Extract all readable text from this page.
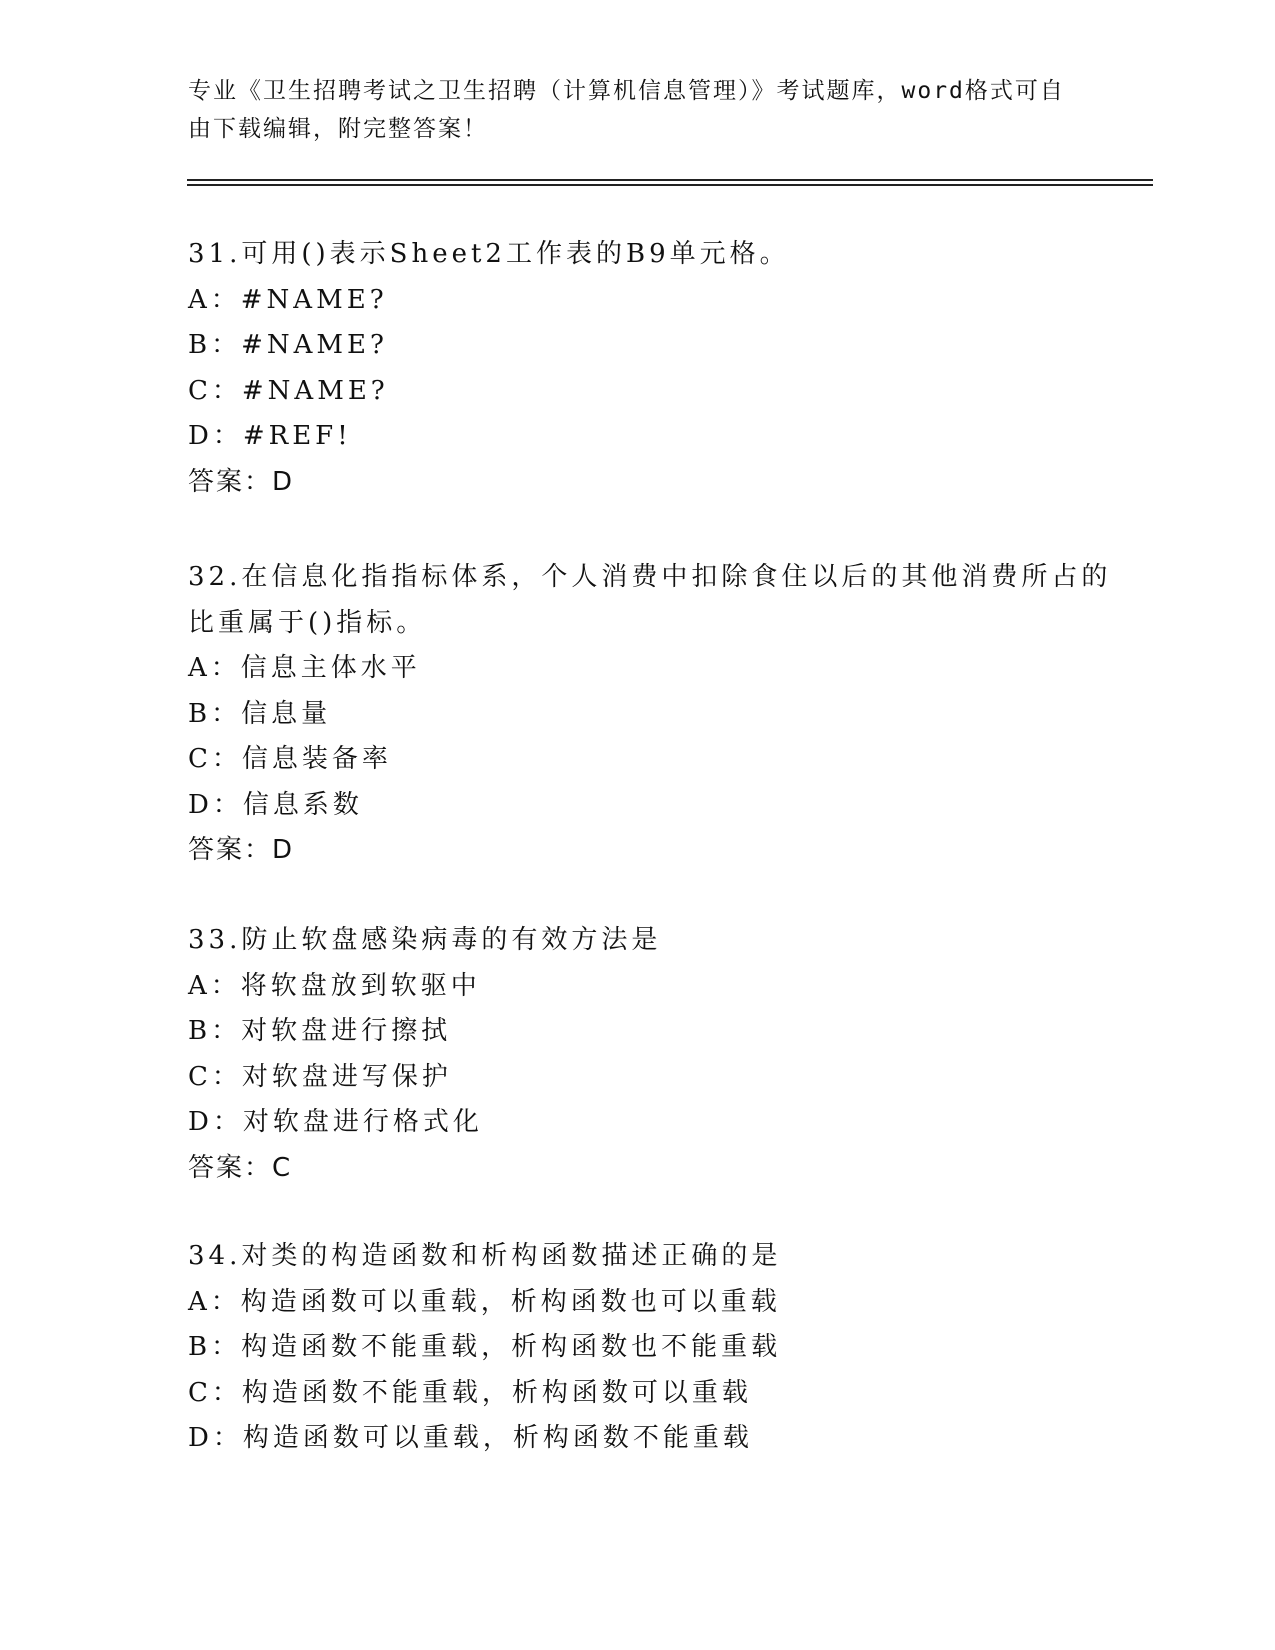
专业《卫生招聘考试之卫生招聘（计算机信息管理）》考试题库，word格式可自由下载编辑，附完整答案！
31.可用()表示Sheet2工作表的B9单元格。
A：#NAME?
B：#NAME?
C：#NAME?
D：#REF!
答案：D
32.在信息化指指标体系，个人消费中扣除食住以后的其他消费所占的
比重属于()指标。
A：信息主体水平
B：信息量
C：信息装备率
D：信息系数
答案：D
33.防止软盘感染病毒的有效方法是
A：将软盘放到软驱中
B：对软盘进行擦拭
C：对软盘进写保护
D：对软盘进行格式化
答案：C
34.对类的构造函数和析构函数描述正确的是
A：构造函数可以重载，析构函数也可以重载
B：构造函数不能重载，析构函数也不能重载
C：构造函数不能重载，析构函数可以重载
D：构造函数可以重载，析构函数不能重载
